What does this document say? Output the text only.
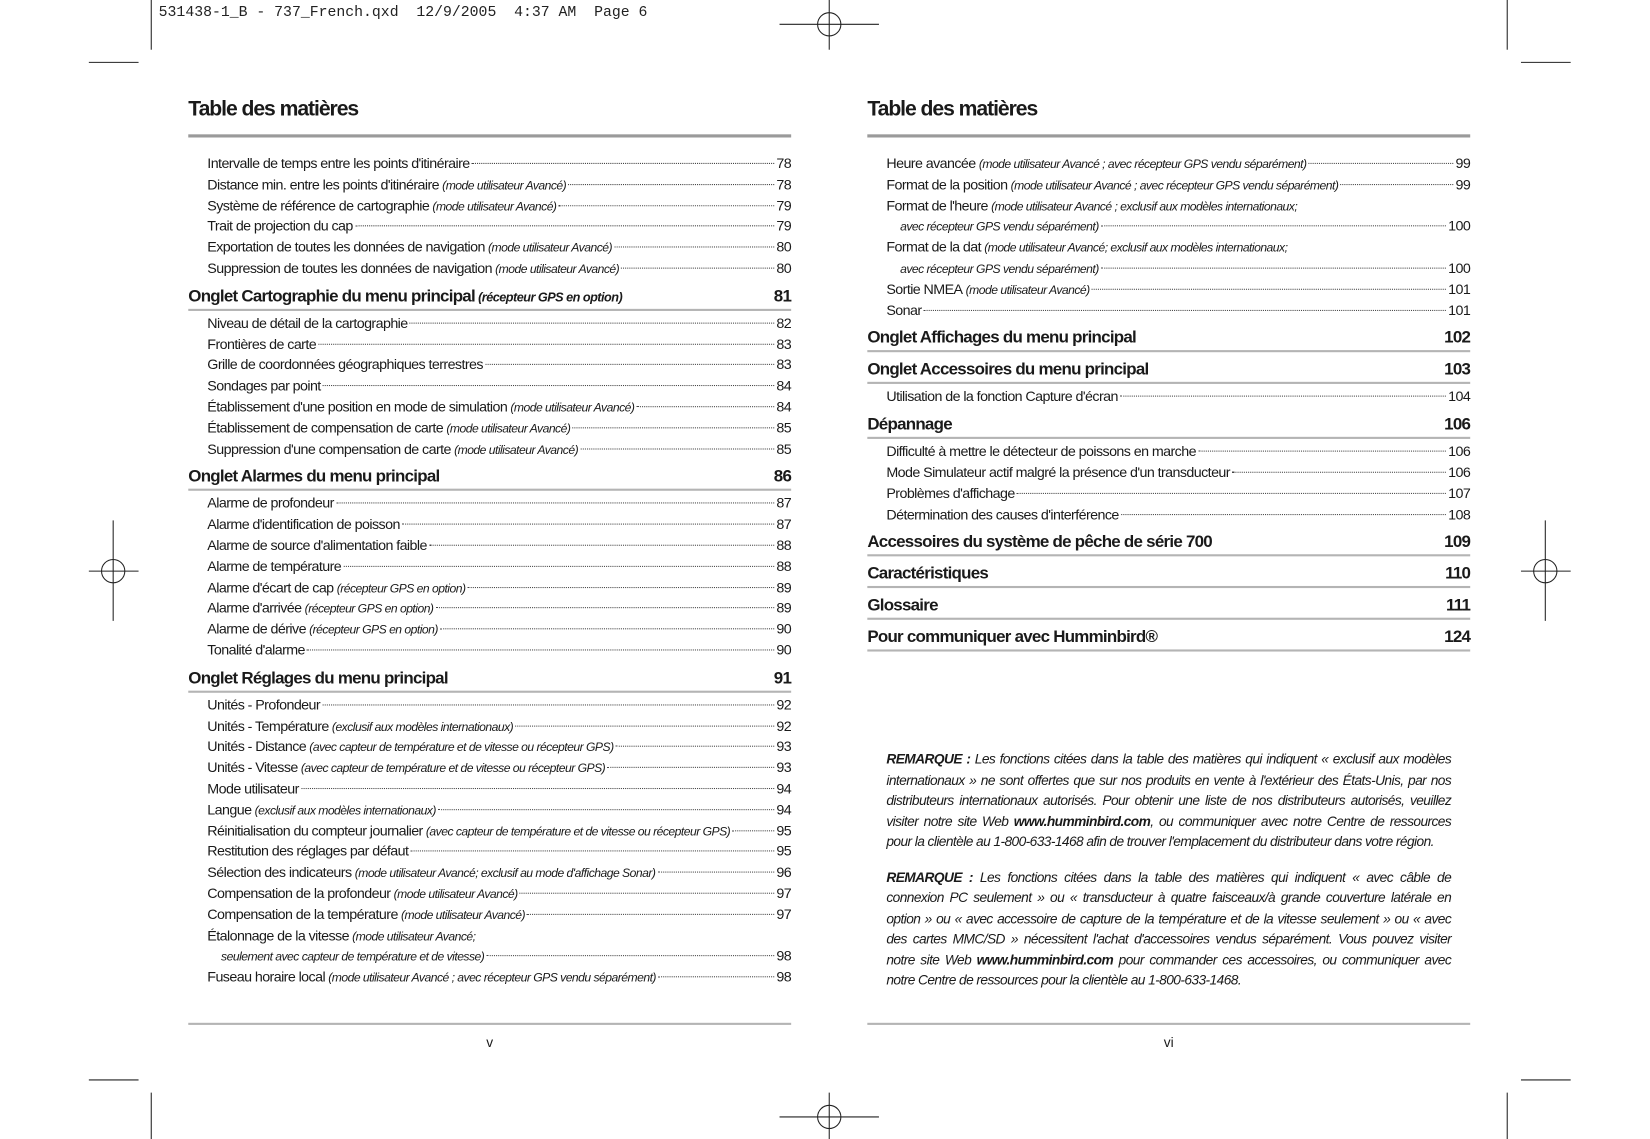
531438-1_B - 737_French.qxd  12/9/2005  4:37 AM  Page 6
Table des matières
Intervalle de temps entre les points d'itinéraire	78
Distance min. entre les points d'itinéraire (mode utilisateur Avancé)	78
Système de référence de cartographie (mode utilisateur Avancé)	79
Trait de projection du cap	79
Exportation de toutes les données de navigation (mode utilisateur Avancé)	80
Suppression de toutes les données de navigation (mode utilisateur Avancé)	80
Onglet Cartographie du menu principal (récepteur GPS en option)	81
Niveau de détail de la cartographie	82
Frontières de carte	83
Grille de coordonnées géographiques terrestres	83
Sondages par point	84
Établissement d'une position en mode de simulation (mode utilisateur Avancé)	84
Établissement de compensation de carte (mode utilisateur Avancé)	85
Suppression d'une compensation de carte (mode utilisateur Avancé)	85
Onglet Alarmes du menu principal	86
Alarme de profondeur	87
Alarme d'identification de poisson	87
Alarme de source d'alimentation faible	88
Alarme de température	88
Alarme d'écart de cap (récepteur GPS en option)	89
Alarme d'arrivée (récepteur GPS en option)	89
Alarme de dérive (récepteur GPS en option)	90
Tonalité d'alarme	90
Onglet Réglages du menu principal	91
Unités - Profondeur	92
Unités - Température (exclusif aux modèles internationaux)	92
Unités - Distance (avec capteur de température et de vitesse ou récepteur GPS)	93
Unités - Vitesse (avec capteur de température et de vitesse ou récepteur GPS)	93
Mode utilisateur	94
Langue (exclusif aux modèles internationaux)	94
Réinitialisation du compteur journalier (avec capteur de température et de vitesse ou récepteur GPS)	95
Restitution des réglages par défaut	95
Sélection des indicateurs (mode utilisateur Avancé; exclusif au mode d'affichage Sonar)	96
Compensation de la profondeur (mode utilisateur Avancé)	97
Compensation de la température (mode utilisateur Avancé)	97
Étalonnage de la vitesse (mode utilisateur Avancé;
seulement avec capteur de température et de vitesse)	98
Fuseau horaire local (mode utilisateur Avancé ; avec récepteur GPS vendu séparément)	98
v
Table des matières
Heure avancée (mode utilisateur Avancé ; avec récepteur GPS vendu séparément)	99
Format de la position (mode utilisateur Avancé ; avec récepteur GPS vendu séparément)	99
Format de l'heure (mode utilisateur Avancé ; exclusif aux modèles internationaux;
avec récepteur GPS vendu séparément)	100
Format de la dat (mode utilisateur Avancé; exclusif aux modèles internationaux;
avec récepteur GPS vendu séparément)	100
Sortie NMEA (mode utilisateur Avancé)	101
Sonar	101
Onglet Affichages du menu principal	102
Onglet Accessoires du menu principal	103
Utilisation de la fonction Capture d'écran	104
Dépannage	106
Difficulté à mettre le détecteur de poissons en marche	106
Mode Simulateur actif malgré la présence d'un transducteur	106
Problèmes d'affichage	107
Détermination des causes d'interférence	108
Accessoires du système de pêche de série 700	109
Caractéristiques	110
Glossaire	111
Pour communiquer avec Humminbird®	124

REMARQUE : Les fonctions citées dans la table des matières qui indiquent « exclusif aux modèles internationaux » ne sont offertes que sur nos produits en vente à l'extérieur des États-Unis, par nos distributeurs internationaux autorisés. Pour obtenir une liste de nos distributeurs autorisés, veuillez visiter notre site Web www.humminbird.com, ou communiquer avec notre Centre de ressources pour la clientèle au 1-800-633-1468 afin de trouver l'emplacement du distributeur dans votre région.

REMARQUE : Les fonctions citées dans la table des matières qui indiquent « avec câble de connexion PC seulement » ou « transducteur à quatre faisceaux/à grande couverture latérale en option » ou « avec accessoire de capture de la température et de la vitesse seulement » ou « avec des cartes MMC/SD » nécessitent l'achat d'accessoires vendus séparément. Vous pouvez visiter notre site Web www.humminbird.com pour commander ces accessoires, ou communiquer avec notre Centre de ressources pour la clientèle au 1-800-633-1468.

vi
